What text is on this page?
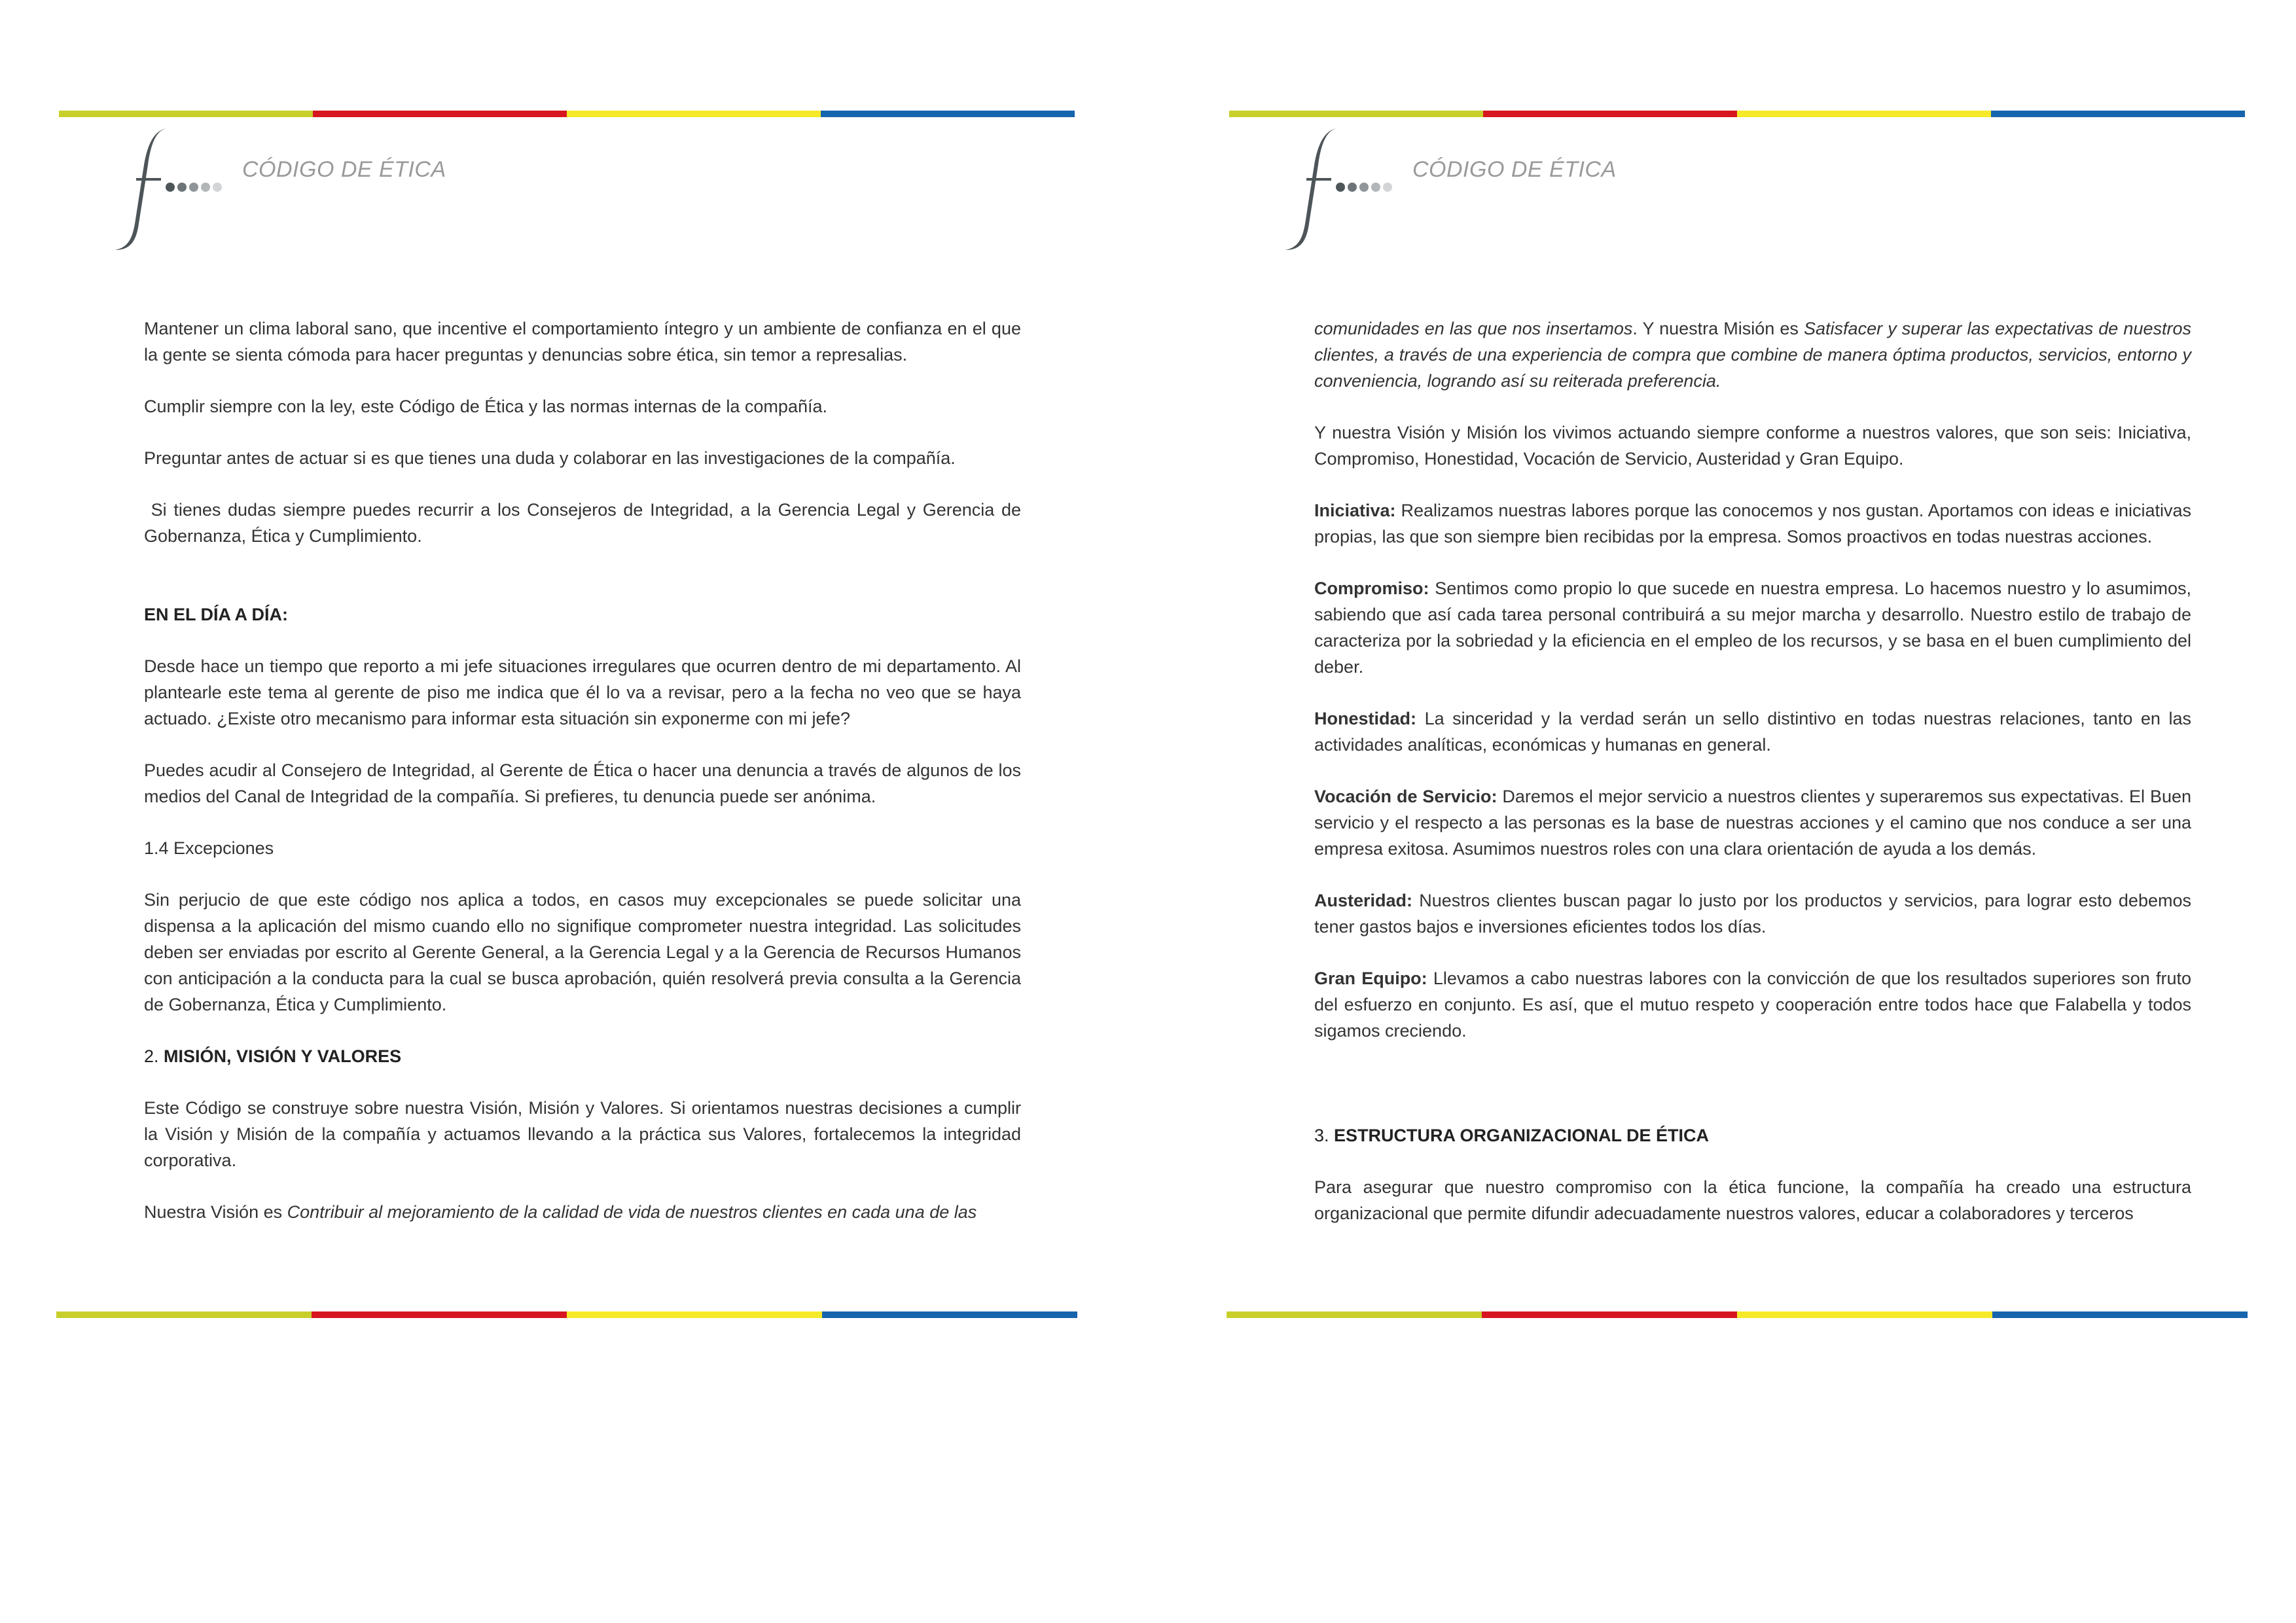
CÓDIGO DE ÉTICA

Mantener un clima laboral sano, que incentive el comportamiento íntegro y un ambiente de confianza en el que la gente se sienta cómoda para hacer preguntas y denuncias sobre ética, sin temor a represalias.

Cumplir siempre con la ley, este Código de Ética y las normas internas de la compañía.

Preguntar antes de actuar si es que tienes una duda y colaborar en las investigaciones de la compañía.

Si tienes dudas siempre puedes recurrir a los Consejeros de Integridad, a la Gerencia Legal y Gerencia de Gobernanza, Ética y Cumplimiento.

EN EL DÍA A DÍA:

Desde hace un tiempo que reporto a mi jefe situaciones irregulares que ocurren dentro de mi departamento. Al plantearle este tema al gerente de piso me indica que él lo va a revisar, pero a la fecha no veo que se haya actuado. ¿Existe otro mecanismo para informar esta situación sin exponerme con mi jefe?

Puedes acudir al Consejero de Integridad, al Gerente de Ética o hacer una denuncia a través de algunos de los medios del Canal de Integridad de la compañía. Si prefieres, tu denuncia puede ser anónima.

1.4 Excepciones

Sin perjucio de que este código nos aplica a todos, en casos muy excepcionales se puede solicitar una dispensa a la aplicación del mismo cuando ello no signifique comprometer nuestra integridad. Las solicitudes deben ser enviadas por escrito al Gerente General, a la Gerencia Legal y a la Gerencia de Recursos Humanos con anticipación a la conducta para la cual se busca aprobación, quién resolverá previa consulta a la Gerencia de Gobernanza, Ética y Cumplimiento.

2. MISIÓN, VISIÓN Y VALORES

Este Código se construye sobre nuestra Visión, Misión y Valores. Si orientamos nuestras decisiones a cumplir la Visión y Misión de la compañía y actuamos llevando a la práctica sus Valores, fortalecemos la integridad corporativa.

Nuestra Visión es Contribuir al mejoramiento de la calidad de vida de nuestros clientes en cada una de las

CÓDIGO DE ÉTICA

comunidades en las que nos insertamos. Y nuestra Misión es Satisfacer y superar las expectativas de nuestros clientes, a través de una experiencia de compra que combine de manera óptima productos, servicios, entorno y conveniencia, logrando así su reiterada preferencia.

Y nuestra Visión y Misión los vivimos actuando siempre conforme a nuestros valores, que son seis: Iniciativa, Compromiso, Honestidad, Vocación de Servicio, Austeridad y Gran Equipo.

Iniciativa: Realizamos nuestras labores porque las conocemos y nos gustan. Aportamos con ideas e iniciativas propias, las que son siempre bien recibidas por la empresa. Somos proactivos en todas nuestras acciones.

Compromiso: Sentimos como propio lo que sucede en nuestra empresa. Lo hacemos nuestro y lo asumimos, sabiendo que así cada tarea personal contribuirá a su mejor marcha y desarrollo. Nuestro estilo de trabajo de caracteriza por la sobriedad y la eficiencia en el empleo de los recursos, y se basa en el buen cumplimiento del deber.

Honestidad: La sinceridad y la verdad serán un sello distintivo en todas nuestras relaciones, tanto en las actividades analíticas, económicas y humanas en general.

Vocación de Servicio: Daremos el mejor servicio a nuestros clientes y superaremos sus expectativas. El Buen servicio y el respecto a las personas es la base de nuestras acciones y el camino que nos conduce a ser una empresa exitosa. Asumimos nuestros roles con una clara orientación de ayuda a los demás.

Austeridad: Nuestros clientes buscan pagar lo justo por los productos y servicios, para lograr esto debemos tener gastos bajos e inversiones eficientes todos los días.

Gran Equipo: Llevamos a cabo nuestras labores con la convicción de que los resultados superiores son fruto del esfuerzo en conjunto. Es así, que el mutuo respeto y cooperación entre todos hace que Falabella y todos sigamos creciendo.

3. ESTRUCTURA ORGANIZACIONAL DE ÉTICA

Para asegurar que nuestro compromiso con la ética funcione, la compañía ha creado una estructura organizacional que permite difundir adecuadamente nuestros valores, educar a colaboradores y terceros
